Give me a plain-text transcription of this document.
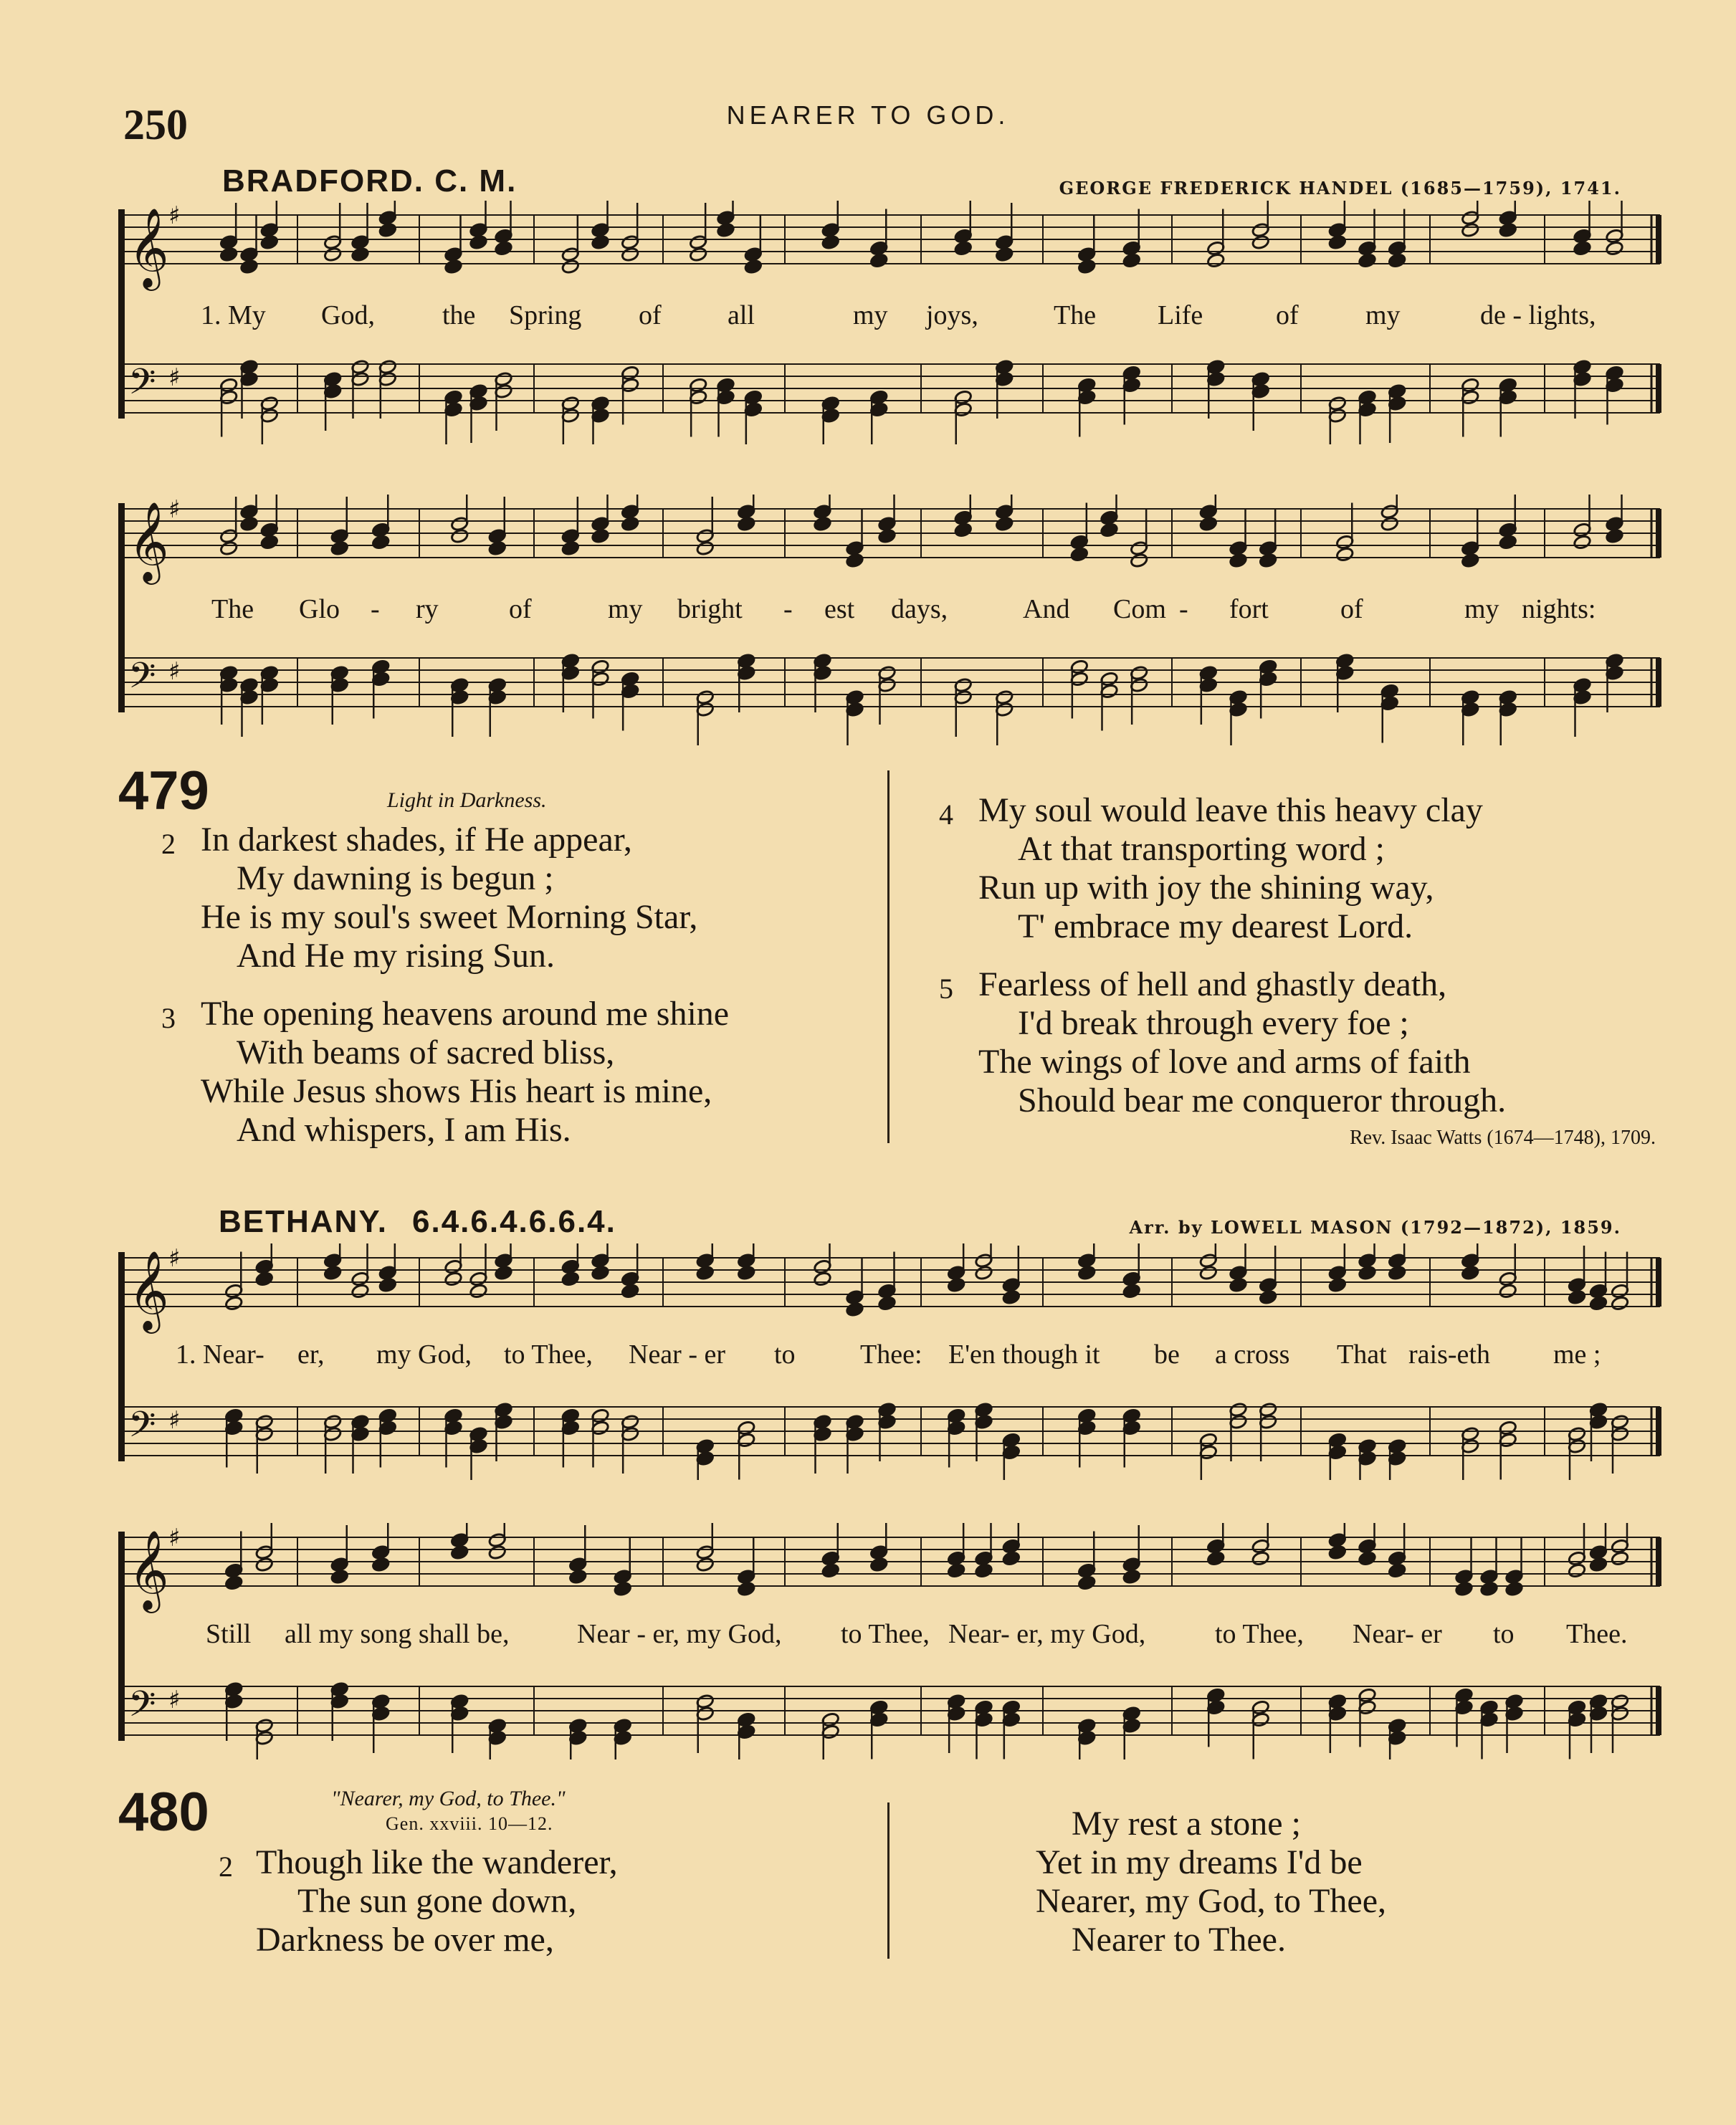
250	NEARER TO GOD.
BRADFORD. C. M.	GEORGE FREDERICK HANDEL (1685—1759), 1741.
𝄞 ♯
𝄢 ♯
1. My God, the Spring of all	my joys,	The Life	of my	de - lights,
𝄞 ♯
𝄢 ♯
The Glo - ry	of	my bright - est days,	And Com - fort	of	my nights:
479	Light in Darkness.
2 In darkest shades, if He appear,
My dawning is begun ;
He is my soul's sweet Morning Star,
And He my rising Sun.
3 The opening heavens around me shine
With beams of sacred bliss,
While Jesus shows His heart is mine,
And whispers, I am His.
4 My soul would leave this heavy clay
At that transporting word ;
Run up with joy the shining way,
T' embrace my dearest Lord.
5 Fearless of hell and ghastly death,
I'd break through every foe ;
The wings of love and arms of faith
Should bear me conqueror through.
Rev. Isaac Watts (1674—1748), 1709.
BETHANY. 6.4.6.4.6.6.4.	Arr. by LOWELL MASON (1792—1872), 1859.
𝄞 ♯
𝄢 ♯
1. Near- er, my God, to Thee, Near - er to Thee: E'en though it be a cross That rais-eth me ;
𝄞 ♯
𝄢 ♯
Still all my song shall be, Near - er, my God, to Thee, Near- er, my God,	to Thee, Near- er to Thee.
480	"Nearer, my God, to Thee."
Gen. xxviii. 10—12.
2 Though like the wanderer,
The sun gone down,
Darkness be over me,
My rest a stone ;
Yet in my dreams I'd be
Nearer, my God, to Thee,
Nearer to Thee.
